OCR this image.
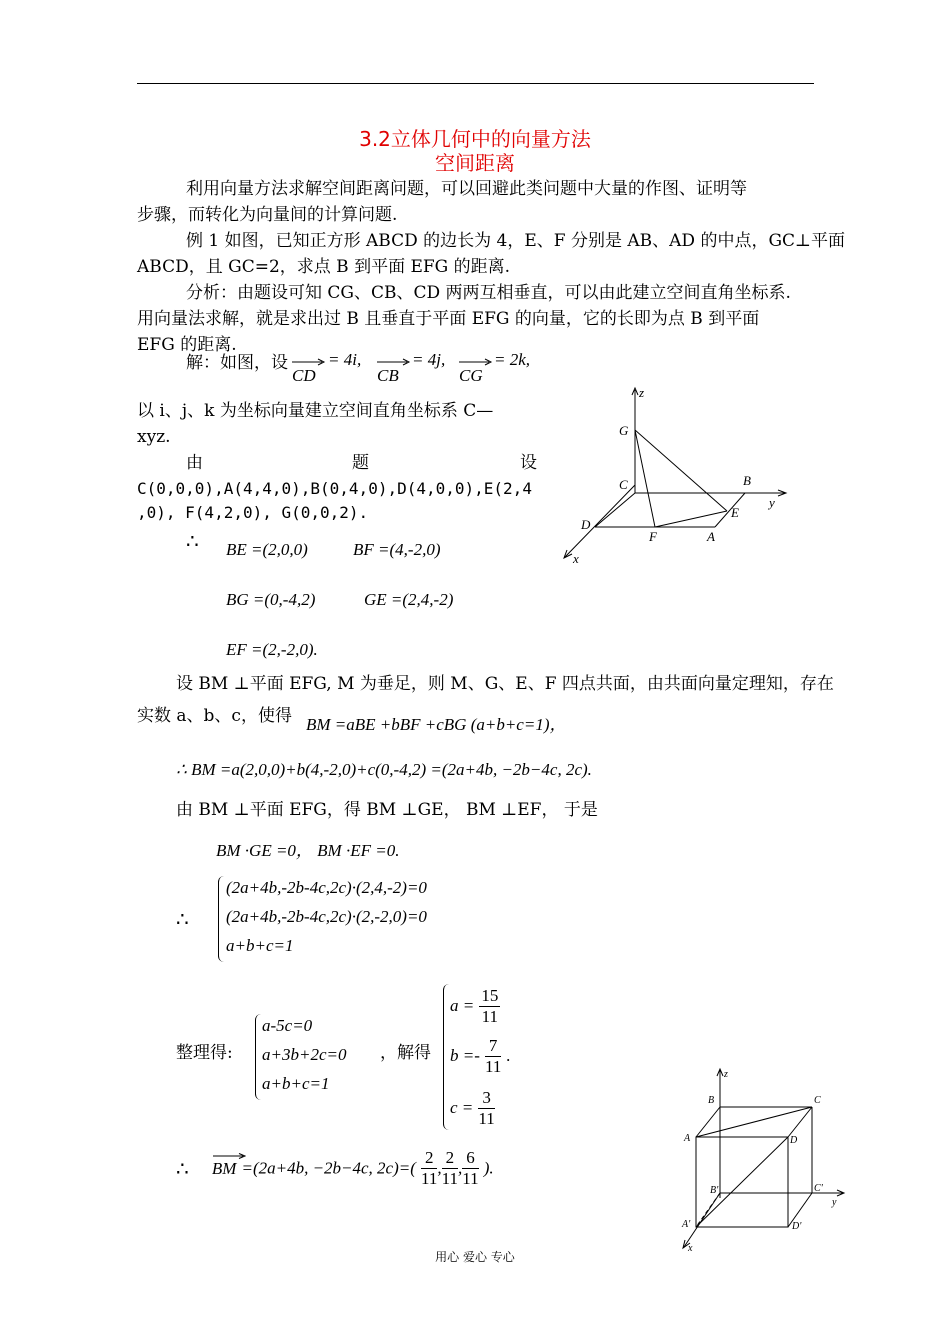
3.2立体几何中的向量方法
空间距离
利用向量方法求解空间距离问题，可以回避此类问题中大量的作图、证明等
步骤，而转化为向量间的计算问题.
例 1 如图，已知正方形 ABCD 的边长为 4，E、F 分别是 AB、AD 的中点，GC⊥平面
ABCD，且 GC=2，求点 B 到平面 EFG 的距离.
分析：由题设可知 CG、CB、CD 两两互相垂直，可以由此建立空间直角坐标系.
用向量法求解，就是求出过 B 且垂直于平面 EFG 的向量，它的长即为点 B 到平面
EFG 的距离.
解：如图，设
CD
= 4i,
CB
= 4j,
CG
= 2k,
以 i、j、k 为坐标向量建立空间直角坐标系 C—
xyz.
由	题	设
C(0,0,0),A(4,4,0),B(0,4,0),D(4,0,0),E(2,4
,0), F(4,2,0), G(0,0,2).
∴ BE =(2,0,0)	BF =(4,-2,0)
BG =(0,-4,2)	GE =(2,4,-2)
EF =(2,-2,0).
z
G
C	B
y
E
D
F	A
x
设 BM ⊥平面 EFG, M 为垂足，则 M、G、E、F 四点共面，由共面向量定理知，存在
实数 a、b、c，使得 BM =aBE +bBF +cBG (a+b+c=1)，
∴ BM =a(2,0,0)+b(4,-2,0)+c(0,-4,2) =(2a+4b, −2b−4c, 2c).
由 BM ⊥平面 EFG，得 BM ⊥GE， BM ⊥EF， 于是
BM ·GE =0， BM ·EF =0.
∴
(2a+4b,-2b-4c,2c)·(2,4,-2)=0
(2a+4b,-2b-4c,2c)·(2,-2,0)=0
a+b+c=1
整理得:
a-5c=0
a+3b+2c=0
a+b+c=1
，解得
$a = \frac{15}{11}$
$b =- \frac{7}{11}$ .
$c = \frac{3}{11}$
∴ BM =(2a+4b, −2b−4c, $2c)=( \frac{2}{11}$ , $\frac{2}{11}$ , $\frac{6}{11}$ ).
z
B	C
A	D
B'	C'
y
A'	D'
x
用心 爱心 专心
